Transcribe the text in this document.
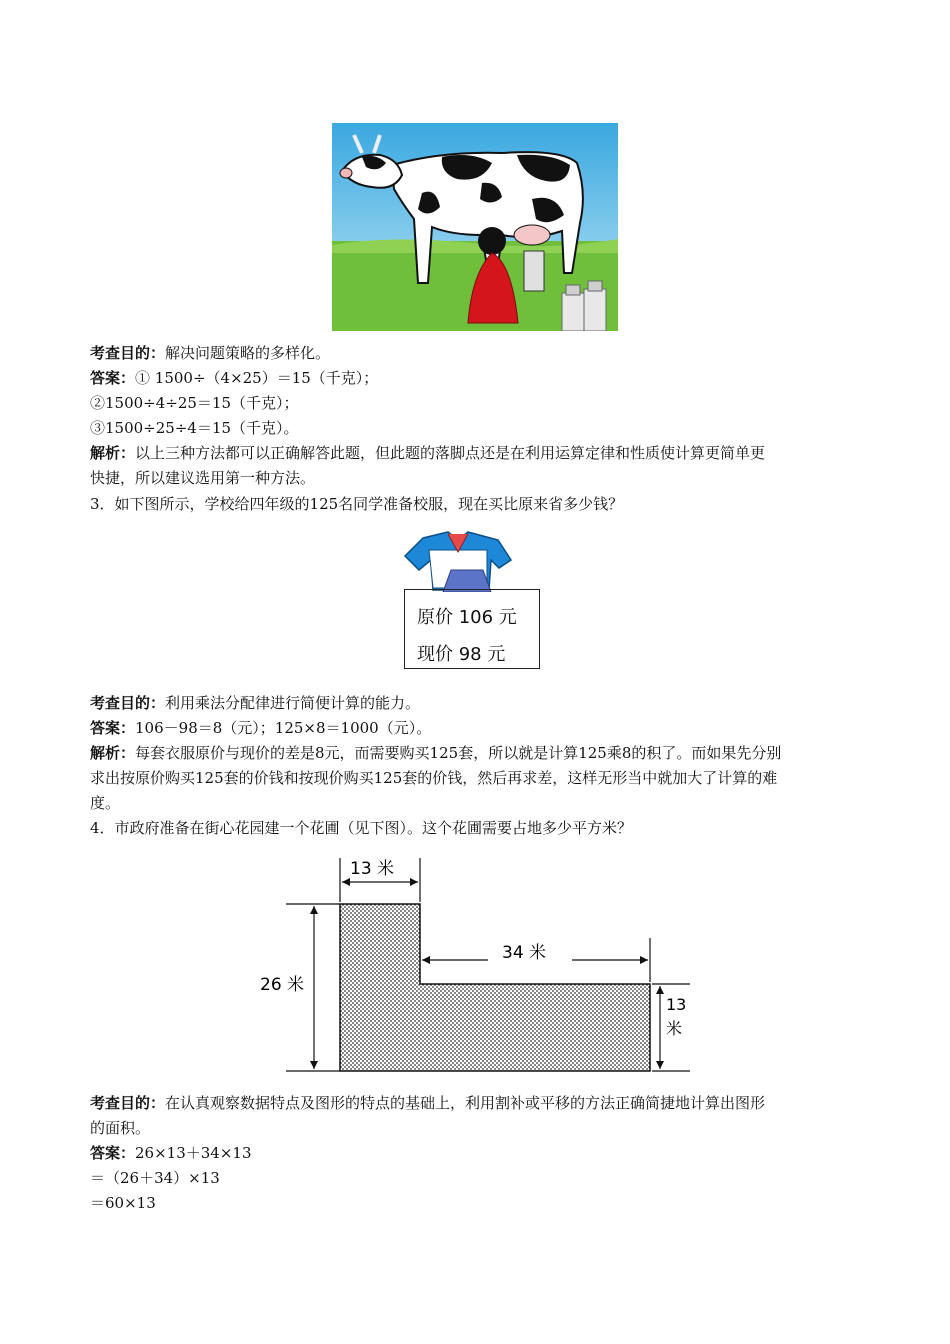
考查目的：解决问题策略的多样化。
答案：① 1500÷（4×25）＝15（千克）；
②1500÷4÷25＝15（千克）；
③1500÷25÷4＝15（千克）。
解析：以上三种方法都可以正确解答此题，但此题的落脚点还是在利用运算定律和性质使计算更简单更
快捷，所以建议选用第一种方法。
3．如下图所示，学校给四年级的125名同学准备校服，现在买比原来省多少钱？
原价 106 元
现价 98 元
考查目的：利用乘法分配律进行简便计算的能力。
答案：106－98＝8（元）；125×8＝1000（元）。
解析：每套衣服原价与现价的差是8元，而需要购买125套，所以就是计算125乘8的积了。而如果先分别
求出按原价购买125套的价钱和按现价购买125套的价钱，然后再求差，这样无形当中就加大了计算的难
度。
4．市政府准备在街心花园建一个花圃（见下图）。这个花圃需要占地多少平方米？
13 米
26 米
34 米
13
米
考查目的：在认真观察数据特点及图形的特点的基础上，利用割补或平移的方法正确简捷地计算出图形
的面积。
答案：26×13＋34×13
＝（26＋34）×13
＝60×13
